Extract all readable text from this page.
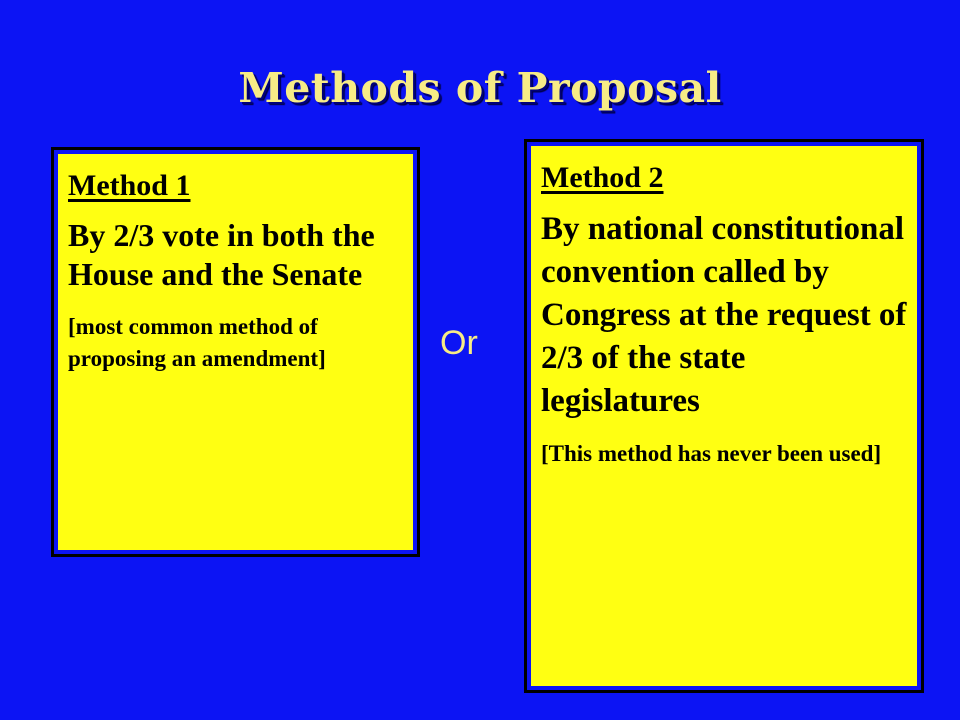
Methods of Proposal

Method 1

By 2/3 vote in both the House and the Senate

[most common method of proposing an amendment]	Or

Method 2

By national constitutional convention called by Congress at the request of 2/3 of the state legislatures

[This method has never been used]
